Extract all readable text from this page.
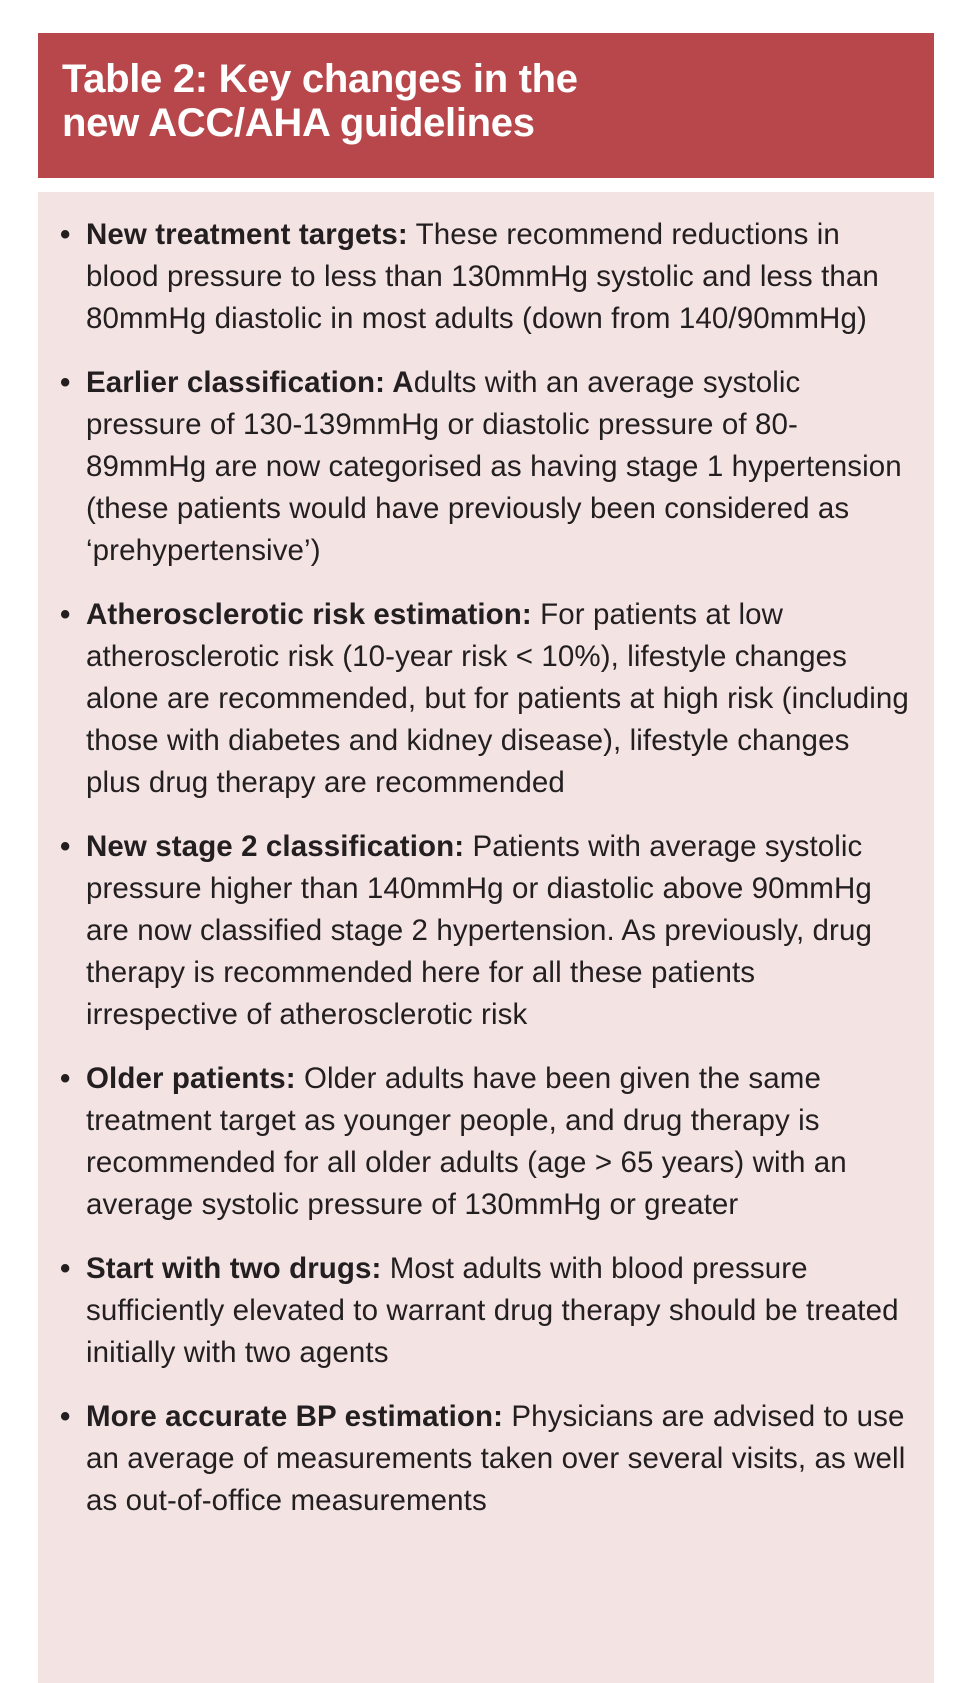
Table 2: Key changes in the
new ACC/AHA guidelines
• New treatment targets: These recommend reductions in blood pressure to less than 130mmHg systolic and less than 80mmHg diastolic in most adults (down from 140/90mmHg)
• Earlier classification: Adults with an average systolic pressure of 130-139mmHg or diastolic pressure of 80-89mmHg are now categorised as having stage 1 hypertension (these patients would have previously been considered as ‘prehypertensive’)
• Atherosclerotic risk estimation: For patients at low atherosclerotic risk (10-year risk < 10%), lifestyle changes alone are recommended, but for patients at high risk (including those with diabetes and kidney disease), lifestyle changes plus drug therapy are recommended
• New stage 2 classification: Patients with average systolic pressure higher than 140mmHg or diastolic above 90mmHg are now classified stage 2 hypertension. As previously, drug therapy is recommended here for all these patients irrespective of atherosclerotic risk
• Older patients: Older adults have been given the same treatment target as younger people, and drug therapy is recommended for all older adults (age > 65 years) with an average systolic pressure of 130mmHg or greater
• Start with two drugs: Most adults with blood pressure sufficiently elevated to warrant drug therapy should be treated initially with two agents
• More accurate BP estimation: Physicians are advised to use an average of measurements taken over several visits, as well as out-of-office measurements
